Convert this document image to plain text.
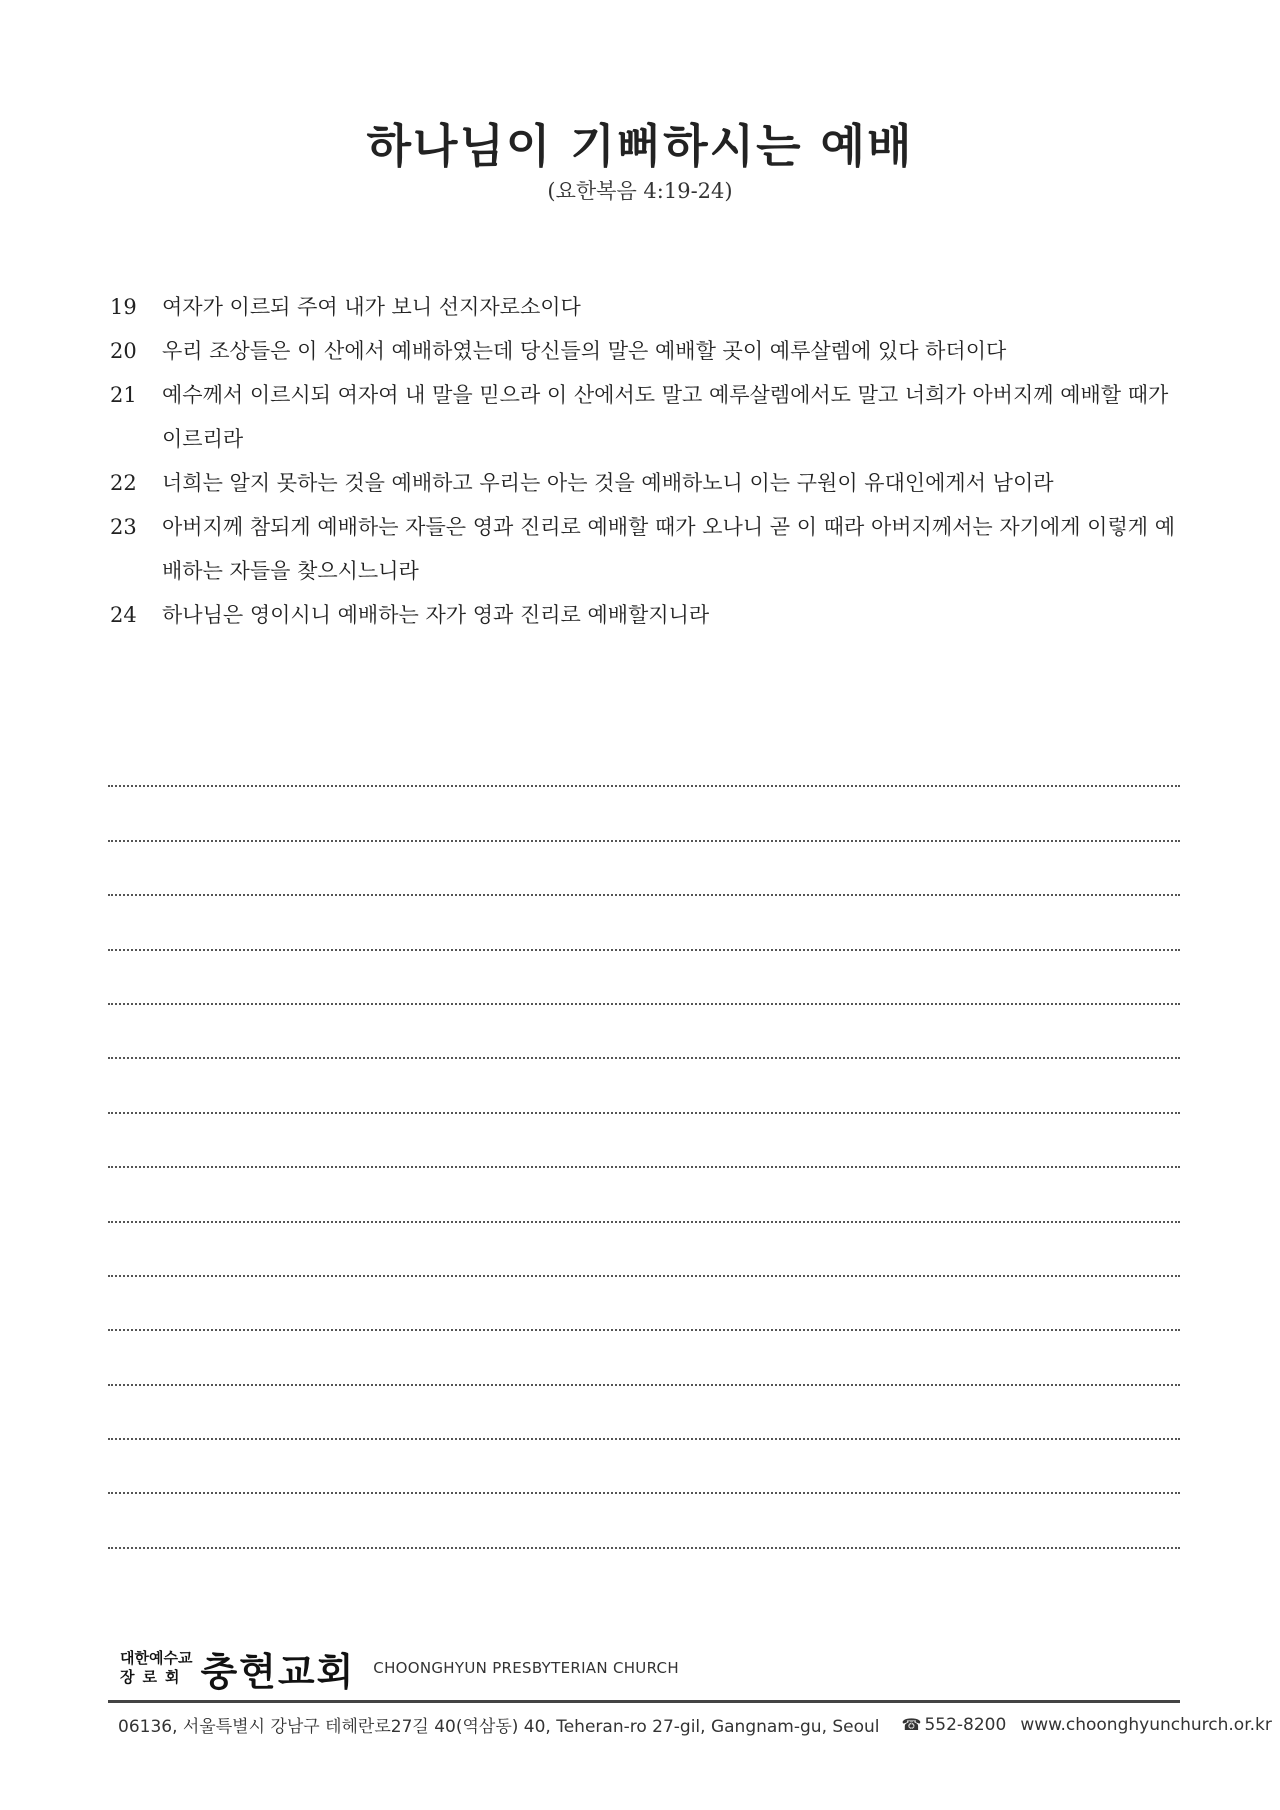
하나님이 기뻐하시는 예배
(요한복음 4:19-24)
19	여자가 이르되 주여 내가 보니 선지자로소이다
20	우리 조상들은 이 산에서 예배하였는데 당신들의 말은 예배할 곳이 예루살렘에 있다 하더이다
21	예수께서 이르시되 여자여 내 말을 믿으라 이 산에서도 말고 예루살렘에서도 말고 너희가 아버지께 예배할 때가 이르리라
22	너희는 알지 못하는 것을 예배하고 우리는 아는 것을 예배하노니 이는 구원이 유대인에게서 남이라
23	아버지께 참되게 예배하는 자들은 영과 진리로 예배할 때가 오나니 곧 이 때라 아버지께서는 자기에게 이렇게 예배하는 자들을 찾으시느니라
24	하나님은 영이시니 예배하는 자가 영과 진리로 예배할지니라
대한예수교
장로회 충현교회 CHOONGHYUN PRESBYTERIAN CHURCH
06136, 서울특별시 강남구 테헤란로27길 40(역삼동) 40, Teheran-ro 27-gil, Gangnam-gu, Seoul ☎ 552-8200 www.choonghyunchurch.or.kr
